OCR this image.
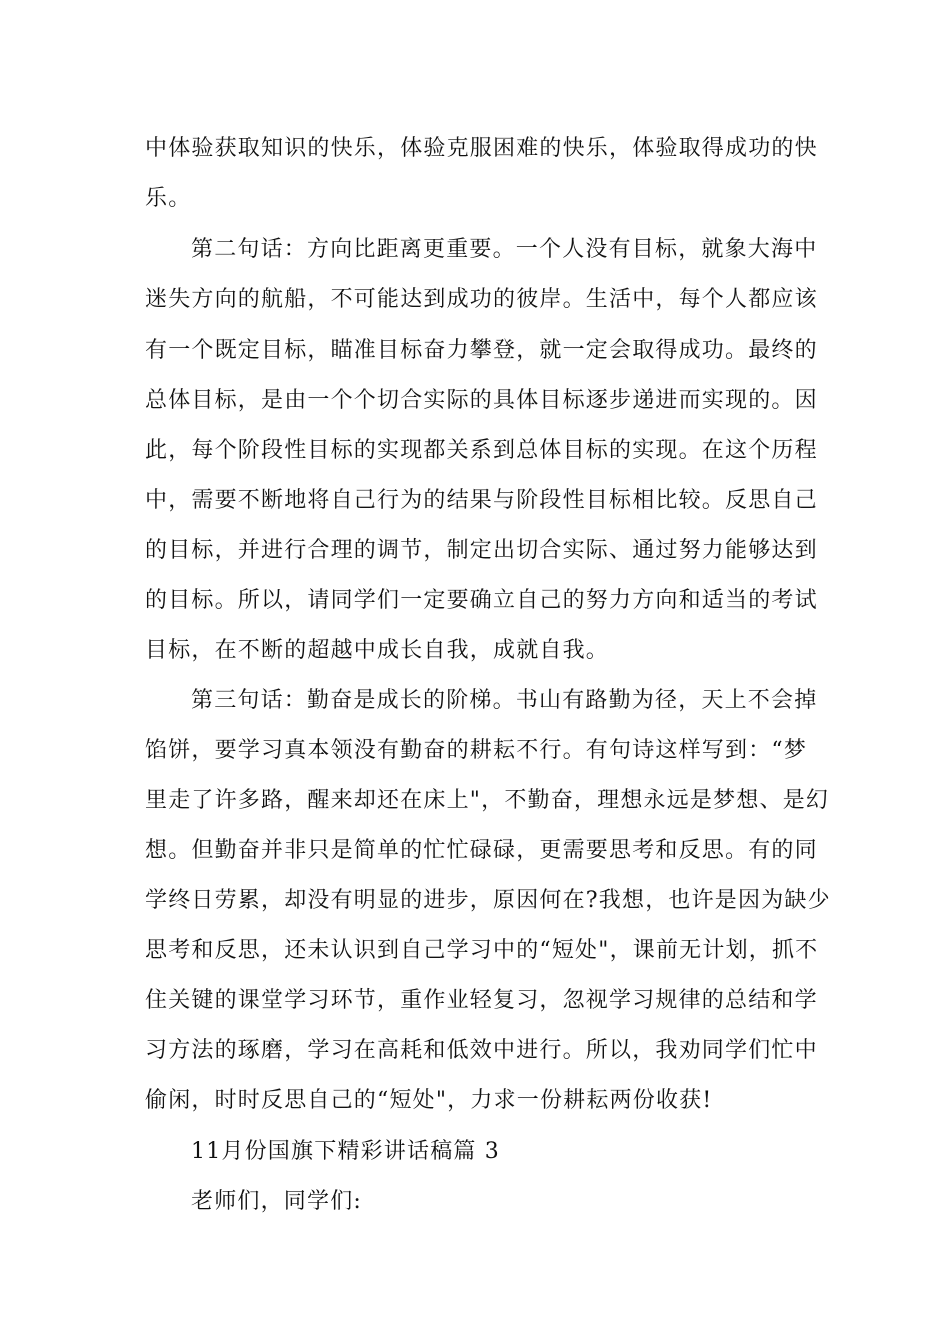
中体验获取知识的快乐，体验克服困难的快乐，体验取得成功的快
乐。
第二句话：方向比距离更重要。一个人没有目标，就象大海中
迷失方向的航船，不可能达到成功的彼岸。生活中，每个人都应该
有一个既定目标，瞄准目标奋力攀登，就一定会取得成功。最终的
总体目标，是由一个个切合实际的具体目标逐步递进而实现的。因
此，每个阶段性目标的实现都关系到总体目标的实现。在这个历程
中，需要不断地将自己行为的结果与阶段性目标相比较。反思自己
的目标，并进行合理的调节，制定出切合实际、通过努力能够达到
的目标。所以，请同学们一定要确立自己的努力方向和适当的考试
目标，在不断的超越中成长自我，成就自我。
第三句话：勤奋是成长的阶梯。书山有路勤为径，天上不会掉
馅饼，要学习真本领没有勤奋的耕耘不行。有句诗这样写到：“梦
里走了许多路，醒来却还在床上"，不勤奋，理想永远是梦想、是幻
想。但勤奋并非只是简单的忙忙碌碌，更需要思考和反思。有的同
学终日劳累，却没有明显的进步，原因何在?我想，也许是因为缺少
思考和反思，还未认识到自己学习中的“短处"，课前无计划，抓不
住关键的课堂学习环节，重作业轻复习，忽视学习规律的总结和学
习方法的琢磨，学习在高耗和低效中进行。所以，我劝同学们忙中
偷闲，时时反思自己的“短处"，力求一份耕耘两份收获!
11月份国旗下精彩讲话稿篇 3
老师们，同学们:
